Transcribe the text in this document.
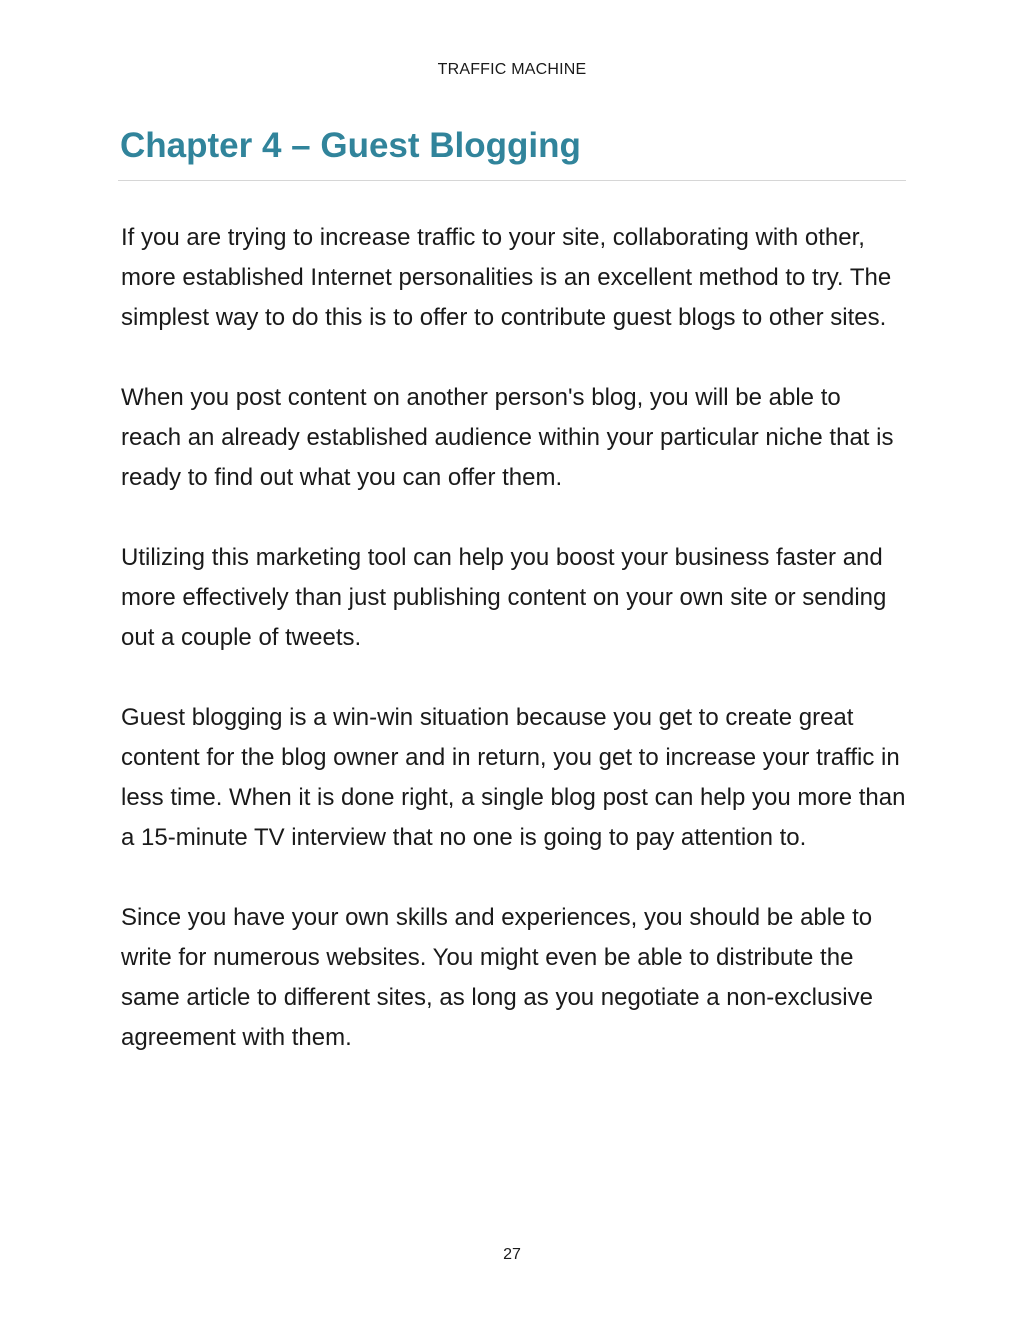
TRAFFIC MACHINE
Chapter 4 – Guest Blogging

If you are trying to increase traffic to your site, collaborating with other, more established Internet personalities is an excellent method to try. The simplest way to do this is to offer to contribute guest blogs to other sites.

When you post content on another person's blog, you will be able to reach an already established audience within your particular niche that is ready to find out what you can offer them.

Utilizing this marketing tool can help you boost your business faster and more effectively than just publishing content on your own site or sending out a couple of tweets.

Guest blogging is a win-win situation because you get to create great content for the blog owner and in return, you get to increase your traffic in less time. When it is done right, a single blog post can help you more than a 15-minute TV interview that no one is going to pay attention to.

Since you have your own skills and experiences, you should be able to write for numerous websites. You might even be able to distribute the same article to different sites, as long as you negotiate a non-exclusive agreement with them.

27
